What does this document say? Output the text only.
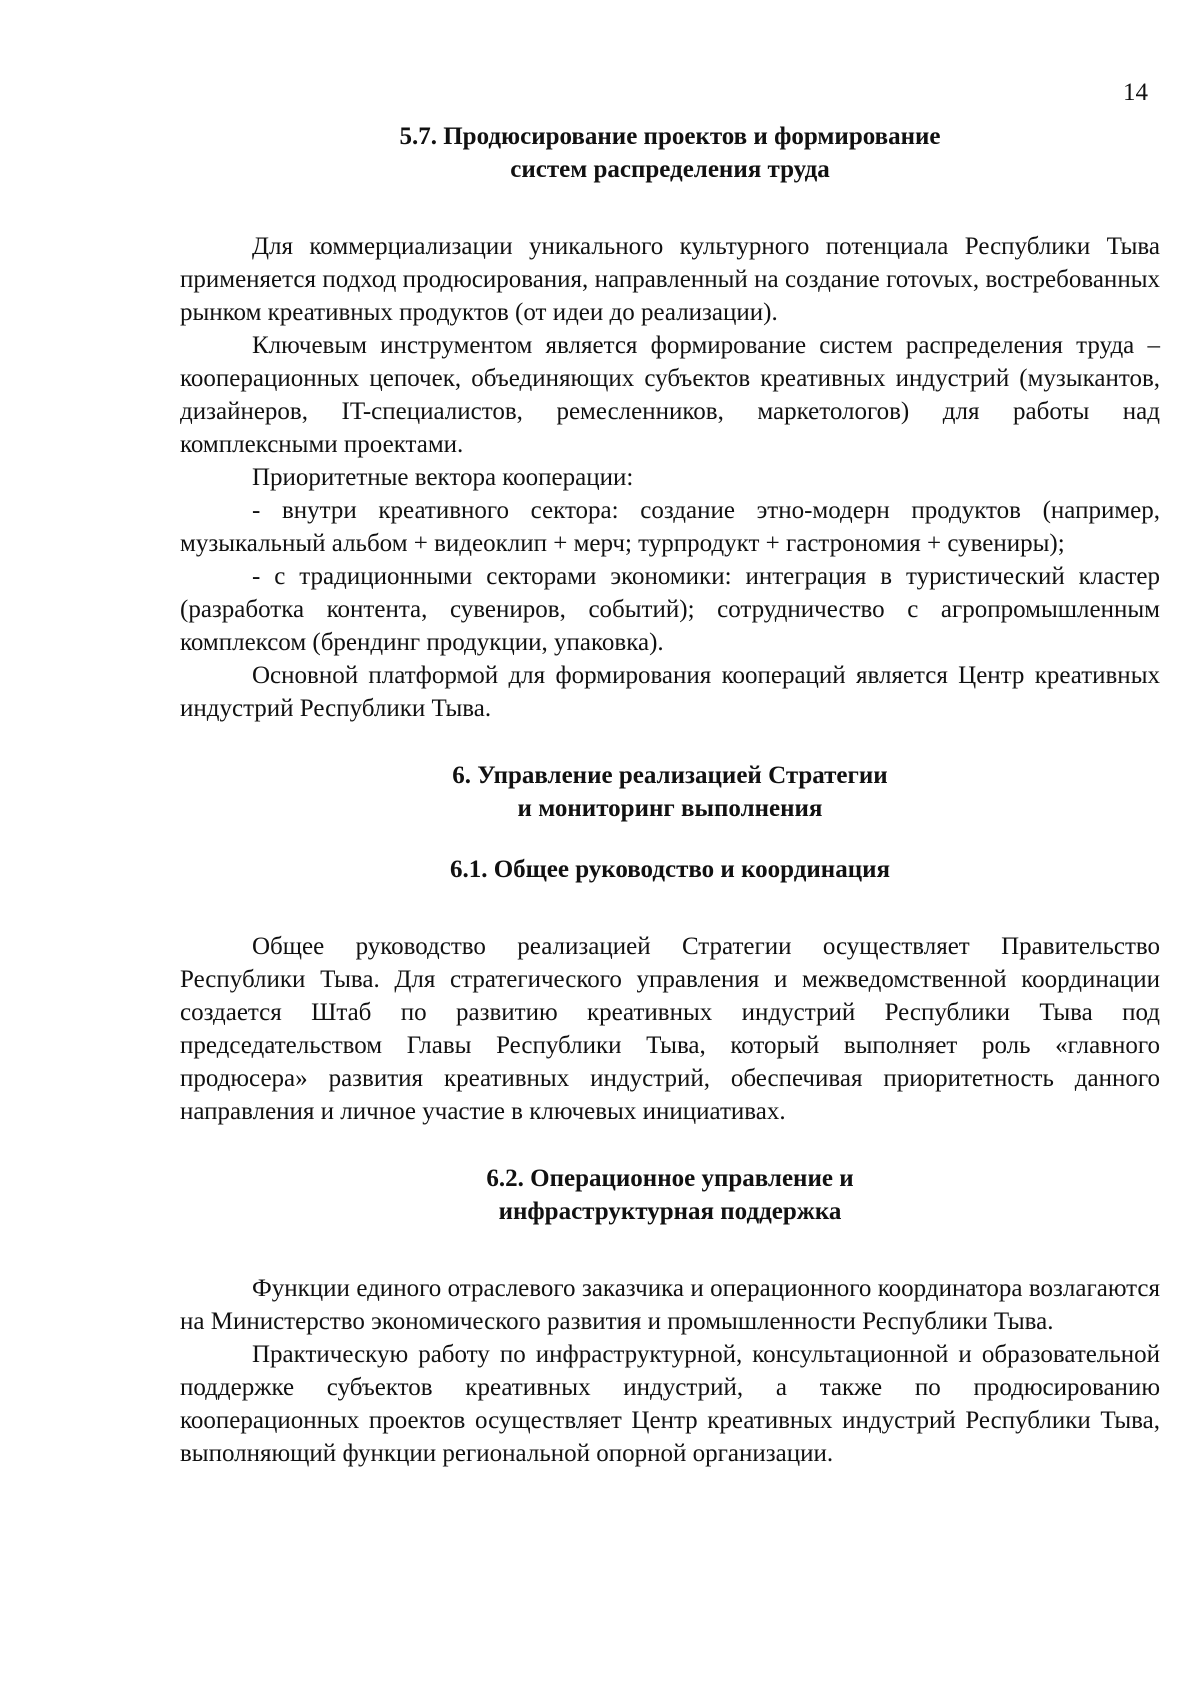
14
5.7. Продюсирование проектов и формирование
систем распределения труда

Для коммерциализации уникального культурного потенциала Республики Тыва применяется подход продюсирования, направленный на создание готоvых, востребованных рынком креативных продуктов (от идеи до реализации).

Ключевым инструментом является формирование систем распределения труда – кооперационных цепочек, объединяющих субъектов креативных индустрий (музыкантов, дизайнеров, IT-специалистов, ремесленников, маркетологов) для работы над комплексными проектами.

Приоритетные вектора кооперации:

- внутри креативного сектора: создание этно-модерн продуктов (например, музыкальный альбом + видеоклип + мерч; турпродукт + гастрономия + сувениры);

- с традиционными секторами экономики: интеграция в туристический кластер (разработка контента, сувениров, событий); сотрудничество с агропромышленным комплексом (брендинг продукции, упаковка).

Основной платформой для формирования коопераций является Центр креативных индустрий Республики Тыва.

6. Управление реализацией Стратегии
и мониторинг выполнения
6.1. Общее руководство и координация

Общее руководство реализацией Стратегии осуществляет Правительство Республики Тыва. Для стратегического управления и межведомственной координации создается Штаб по развитию креативных индустрий Республики Тыва под председательством Главы Республики Тыва, который выполняет роль «главного продюсера» развития креативных индустрий, обеспечивая приоритетность данного направления и личное участие в ключевых инициативах.

6.2. Операционное управление и
инфраструктурная поддержка

Функции единого отраслевого заказчика и операционного координатора возлагаются на Министерство экономического развития и промышленности Республики Тыва.

Практическую работу по инфраструктурной, консультационной и образовательной поддержке субъектов креативных индустрий, а также по продюсированию кооперационных проектов осуществляет Центр креативных индустрий Республики Тыва, выполняющий функции региональной опорной организации.
